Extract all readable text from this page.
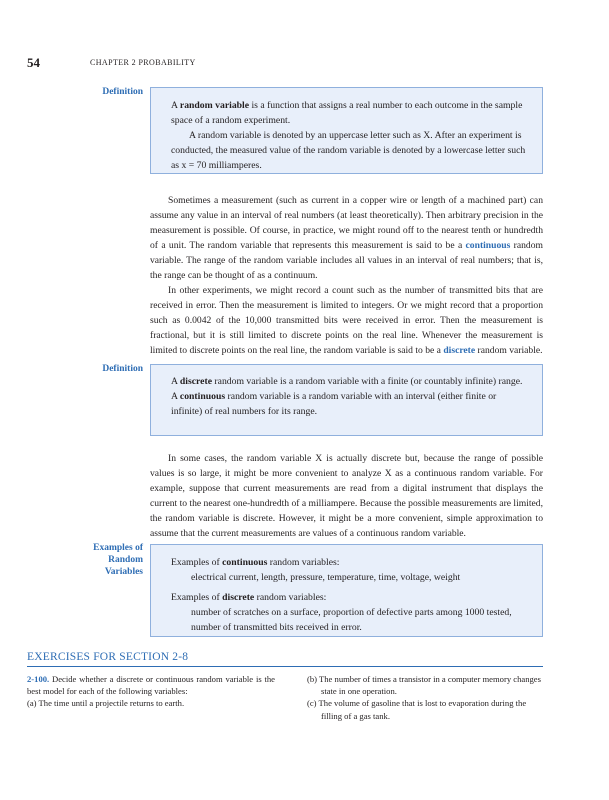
54	CHAPTER 2 PROBABILITY
Definition

A random variable is a function that assigns a real number to each outcome in the sample space of a random experiment.

A random variable is denoted by an uppercase letter such as X. After an experiment is conducted, the measured value of the random variable is denoted by a lowercase letter such as x = 70 milliamperes.

Sometimes a measurement (such as current in a copper wire or length of a machined part) can assume any value in an interval of real numbers (at least theoretically). Then arbitrary precision in the measurement is possible. Of course, in practice, we might round off to the nearest tenth or hundredth of a unit. The random variable that represents this measurement is said to be a continuous random variable. The range of the random variable includes all values in an interval of real numbers; that is, the range can be thought of as a continuum.

In other experiments, we might record a count such as the number of transmitted bits that are received in error. Then the measurement is limited to integers. Or we might record that a proportion such as 0.0042 of the 10,000 transmitted bits were received in error. Then the measurement is fractional, but it is still limited to discrete points on the real line. Whenever the measurement is limited to discrete points on the real line, the random variable is said to be a discrete random variable.

Definition

A discrete random variable is a random variable with a finite (or countably infinite) range.

A continuous random variable is a random variable with an interval (either finite or infinite) of real numbers for its range.

In some cases, the random variable X is actually discrete but, because the range of possible values is so large, it might be more convenient to analyze X as a continuous random variable. For example, suppose that current measurements are read from a digital instrument that displays the current to the nearest one-hundredth of a milliampere. Because the possible measurements are limited, the random variable is discrete. However, it might be a more convenient, simple approximation to assume that the current measurements are values of a continuous random variable.

Examples of
Random
Variables

Examples of continuous random variables:

electrical current, length, pressure, temperature, time, voltage, weight

Examples of discrete random variables:

number of scratches on a surface, proportion of defective parts among 1000 tested, number of transmitted bits received in error.

EXERCISES FOR SECTION 2-8
2-100. Decide whether a discrete or continuous random variable is the best model for each of the following variables:
(a) The time until a projectile returns to earth.
(b) The number of times a transistor in a computer memory changes state in one operation.
(c) The volume of gasoline that is lost to evaporation during the filling of a gas tank.
